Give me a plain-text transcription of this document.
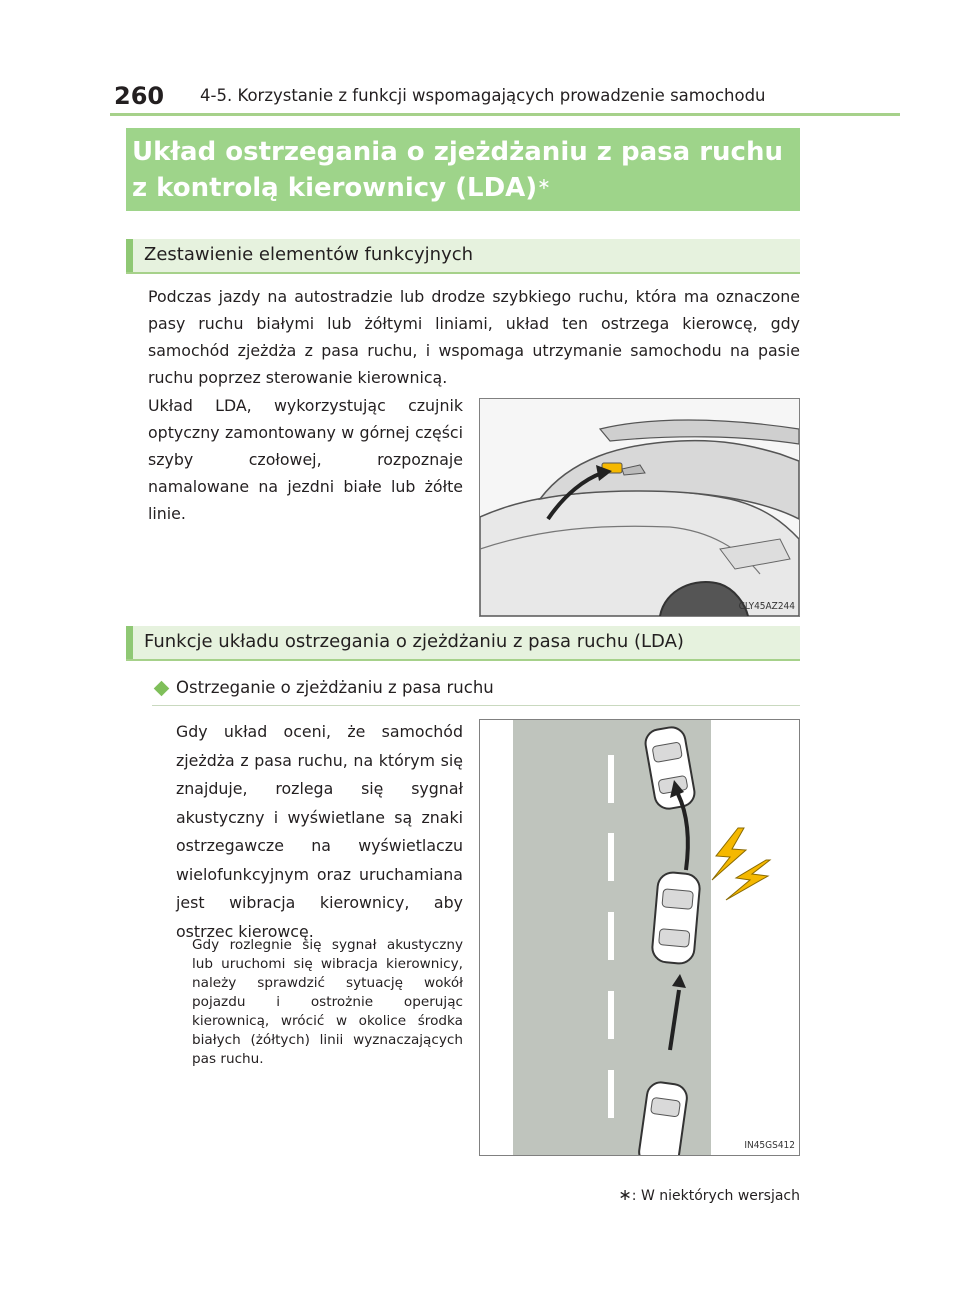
260 4-5. Korzystanie z funkcji wspomagających prowadzenie samochodu
Układ ostrzegania o zjeżdżaniu z pasa ruchu
z kontrolą kierownicy (LDA)∗
Zestawienie elementów funkcyjnych
Podczas jazdy na autostradzie lub drodze szybkiego ruchu, która ma oznaczone pasy ruchu białymi lub żółtymi liniami, układ ten ostrzega kierowcę, gdy samochód zjeżdża z pasa ruchu, i wspomaga utrzymanie samochodu na pasie ruchu poprzez sterowanie kierownicą.
Układ LDA, wykorzystując czujnik optyczny zamontowany w górnej części szyby czołowej, rozpoznaje namalowane na jezdni białe lub żółte linie.
CLY45AZ244
Funkcje układu ostrzegania o zjeżdżaniu z pasa ruchu (LDA)
Ostrzeganie o zjeżdżaniu z pasa ruchu
Gdy układ oceni, że samochód zjeżdża z pasa ruchu, na którym się znajduje, rozlega się sygnał akustyczny i wyświetlane są znaki ostrzegawcze na wyświetlaczu wielofunkcyjnym oraz uruchamiana jest wibracja kierownicy, aby ostrzec kierowcę.
Gdy rozlegnie się sygnał akustyczny lub uruchomi się wibracja kierownicy, należy sprawdzić sytuację wokół pojazdu i ostrożnie operując kierownicą, wrócić w okolice środka białych (żółtych) linii wyznaczających pas ruchu.
IN45GS412
∗: W niektórych wersjach
